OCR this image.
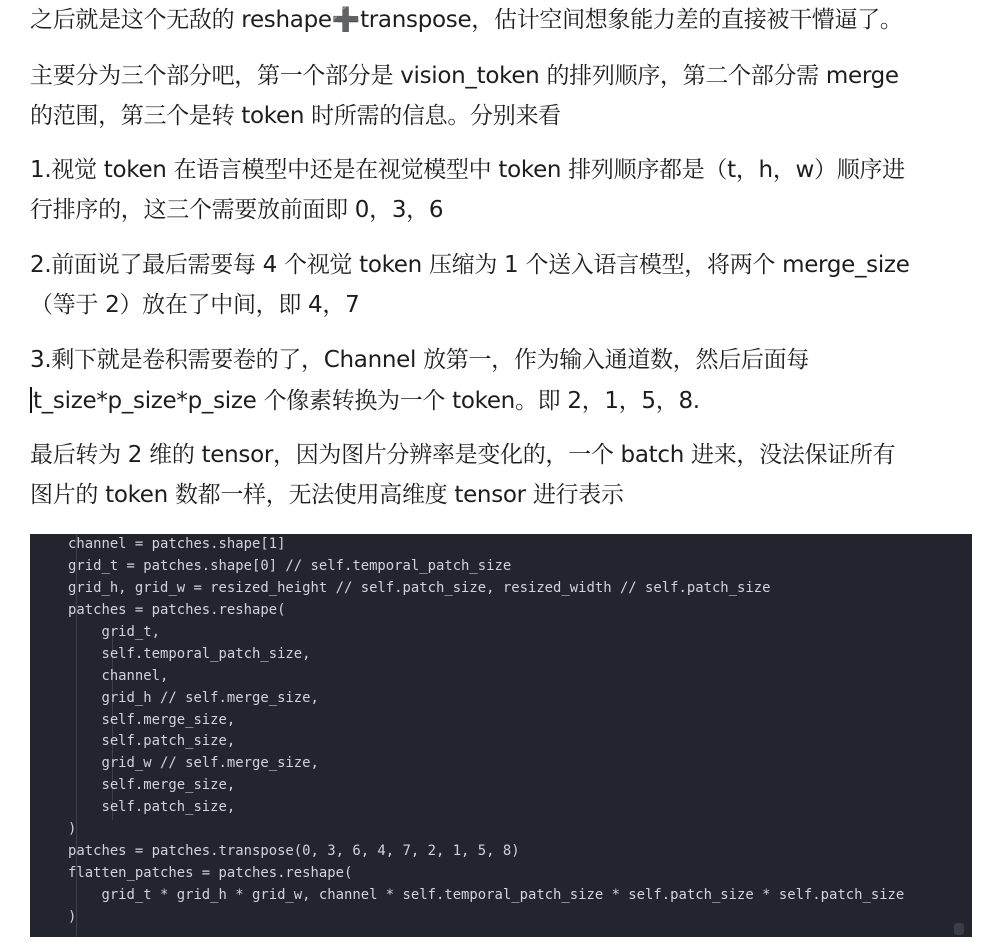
之后就是这个无敌的 reshape➕transpose，估计空间想象能力差的直接被干懵逼了。
主要分为三个部分吧，第一个部分是 vision_token 的排列顺序，第二个部分需 merge
的范围，第三个是转 token 时所需的信息。分别来看
1.视觉 token 在语言模型中还是在视觉模型中 token 排列顺序都是（t，h，w）顺序进
行排序的，这三个需要放前面即 0，3，6
2.前面说了最后需要每 4 个视觉 token 压缩为 1 个送入语言模型，将两个 merge_size
（等于 2）放在了中间，即 4，7
3.剩下就是卷积需要卷的了，Channel 放第一，作为输入通道数，然后后面每
t_size*p_size*p_size 个像素转换为一个 token。即 2，1，5，8.
最后转为 2 维的 tensor，因为图片分辨率是变化的，一个 batch 进来，没法保证所有
图片的 token 数都一样，无法使用高维度 tensor 进行表示
channel = patches.shape[1]
grid_t = patches.shape[0] // self.temporal_patch_size
grid_h, grid_w = resized_height // self.patch_size, resized_width // self.patch_size
patches = patches.reshape(
grid_t,
self.temporal_patch_size,
channel,
grid_h // self.merge_size,
self.merge_size,
self.patch_size,
grid_w // self.merge_size,
self.merge_size,
self.patch_size,
)
patches = patches.transpose(0, 3, 6, 4, 7, 2, 1, 5, 8)
flatten_patches = patches.reshape(
grid_t * grid_h * grid_w, channel * self.temporal_patch_size * self.patch_size * self.patch_size
)
